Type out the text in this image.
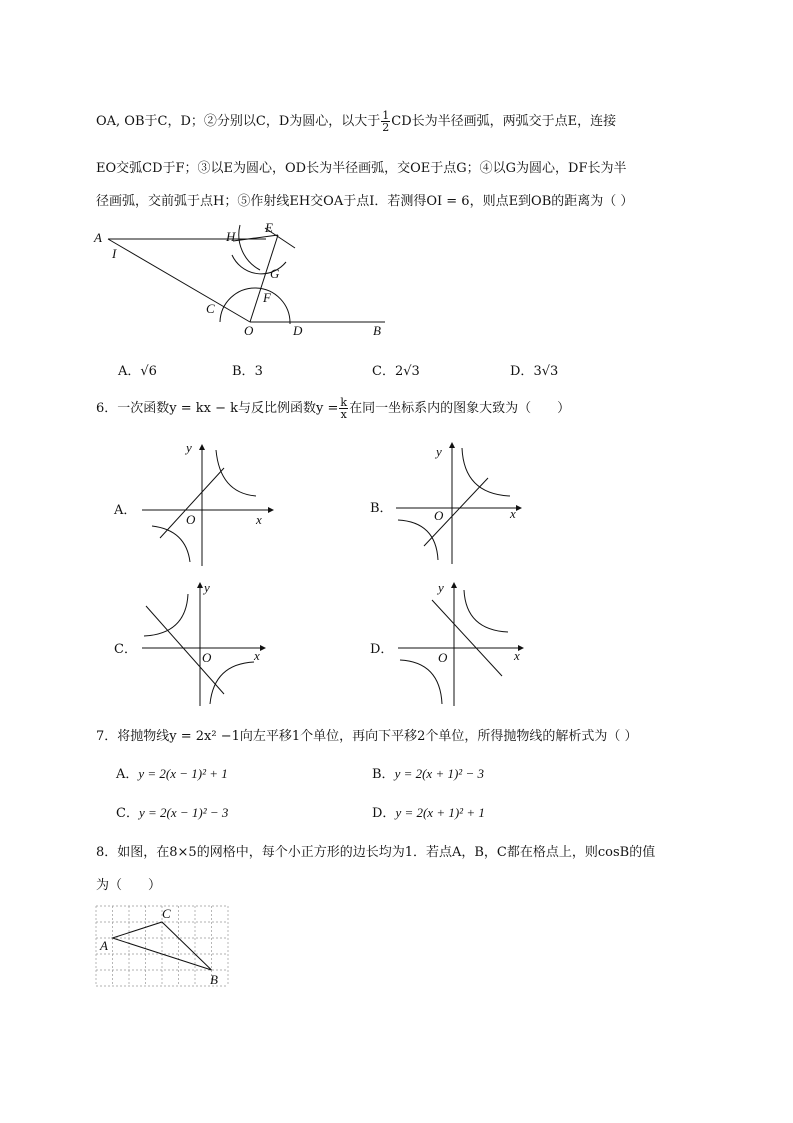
OA, OB于C，D；②分别以C，D为圆心，以大于 $\frac{1}{2}$ CD长为半径画弧，两弧交于点E，连接
EO交弧CD于F；③以E为圆心，OD长为半径画弧，交OE于点G；④以G为圆心，DF长为半
径画弧，交前弧于点H；⑤作射线EH交OA于点I．若测得OI = 6，则点E到OB的距离为（ ）
A
I
H
E
G
F
C
O	D	B
A．√6	B．3	C．2√3	D．3√3
6．一次函数y = kx − k与反比例函数$y = \frac{k}{x}$ 在同一坐标系内的图象大致为（　　）
A．
y
x
O
B．
y
x
O
C．
y
x
O
D．
y
x
O
7．将抛物线y = 2x² −1向左平移1个单位，再向下平移2个单位，所得抛物线的解析式为（ ）
A．y = 2(x − 1)² + 1	B．y = 2(x + 1)² − 3
C．y = 2(x − 1)² − 3	D．y = 2(x + 1)² + 1
8．如图，在8×5的网格中，每个小正方形的边长均为1．若点A，B，C都在格点上，则cosB的值
为（　　）
A
C
B
